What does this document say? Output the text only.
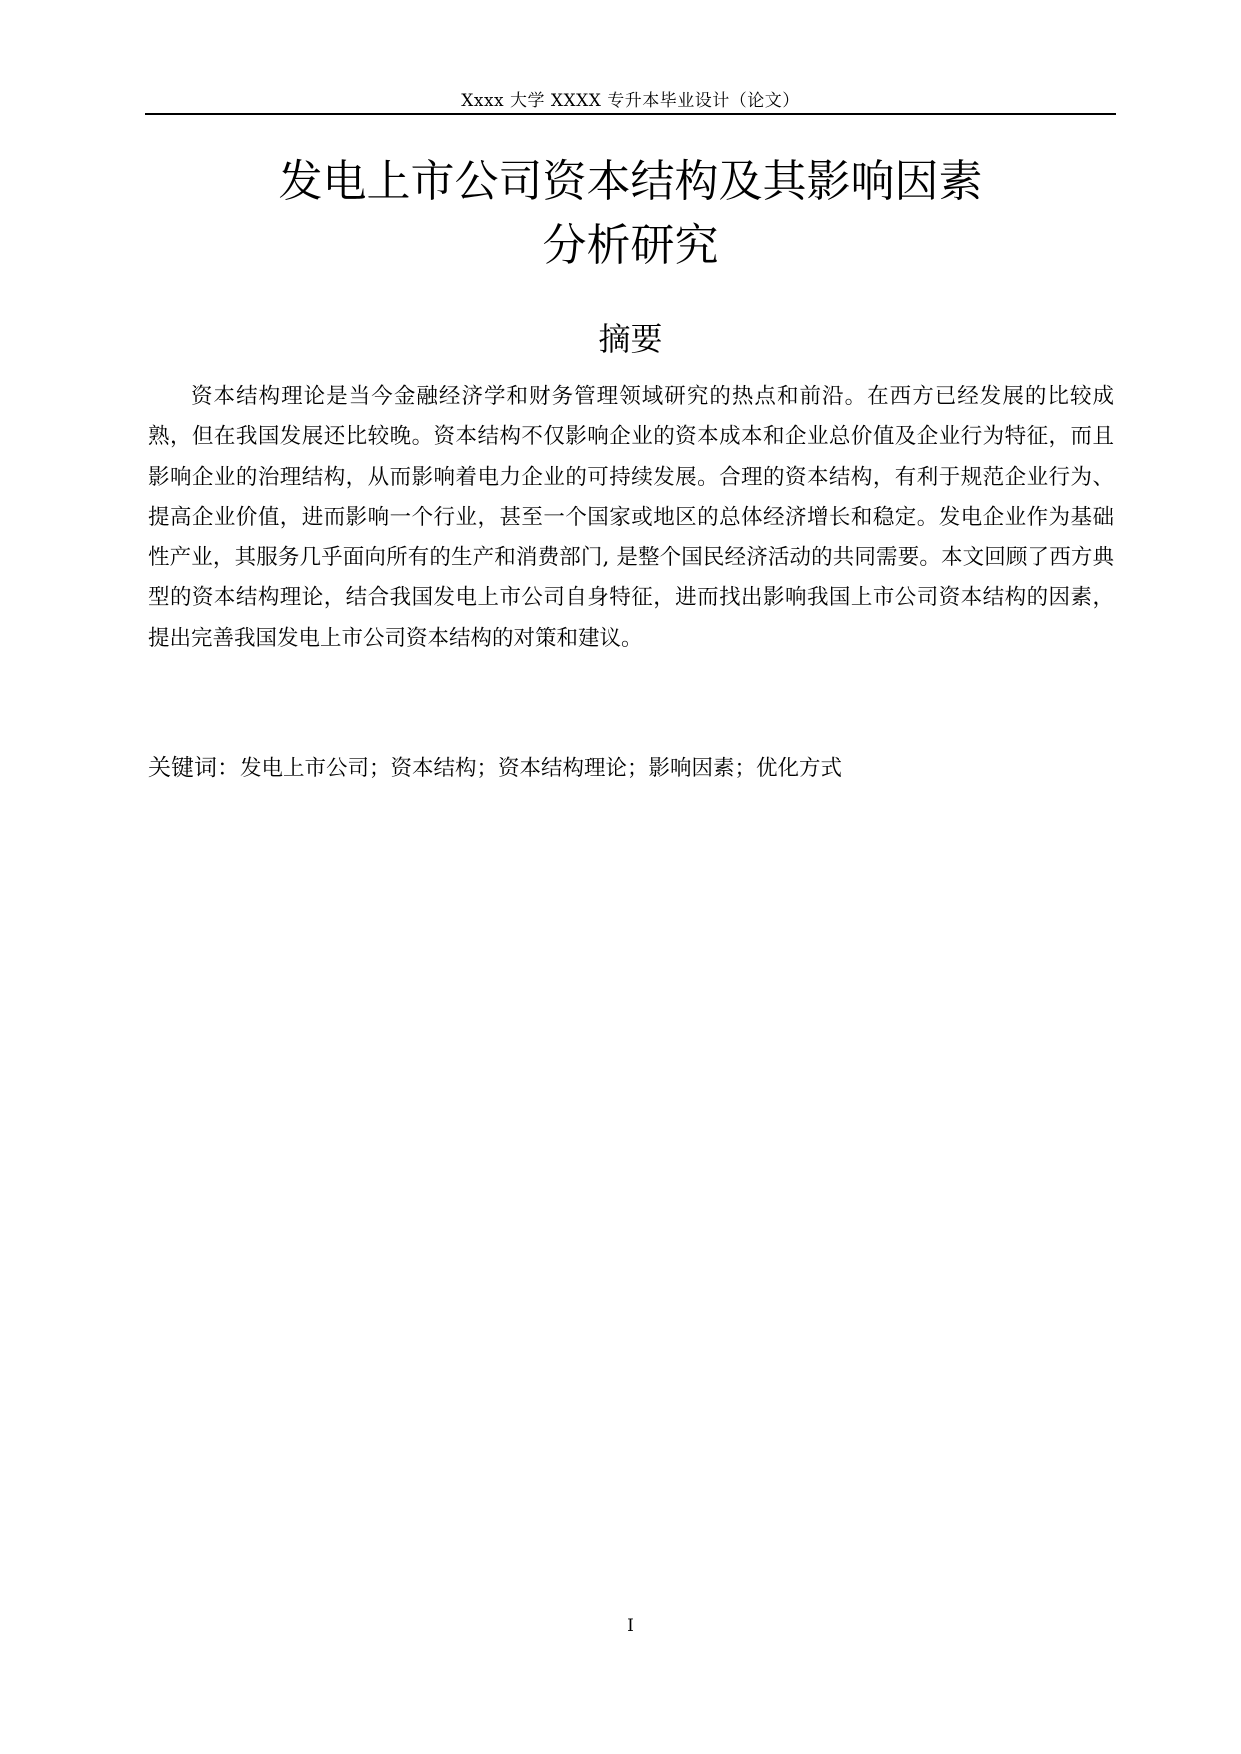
Xxxx 大学 XXXX 专升本毕业设计（论文）
发电上市公司资本结构及其影响因素
分析研究
摘要

资本结构理论是当今金融经济学和财务管理领域研究的热点和前沿。在西方已经发展的比较成熟，但在我国发展还比较晚。资本结构不仅影响企业的资本成本和企业总价值及企业行为特征，而且影响企业的治理结构，从而影响着电力企业的可持续发展。合理的资本结构，有利于规范企业行为、提高企业价值，进而影响一个行业，甚至一个国家或地区的总体经济增长和稳定。发电企业作为基础性产业，其服务几乎面向所有的生产和消费部门, 是整个国民经济活动的共同需要。本文回顾了西方典型的资本结构理论，结合我国发电上市公司自身特征，进而找出影响我国上市公司资本结构的因素，提出完善我国发电上市公司资本结构的对策和建议。

关键词：发电上市公司；资本结构；资本结构理论；影响因素；优化方式

I
